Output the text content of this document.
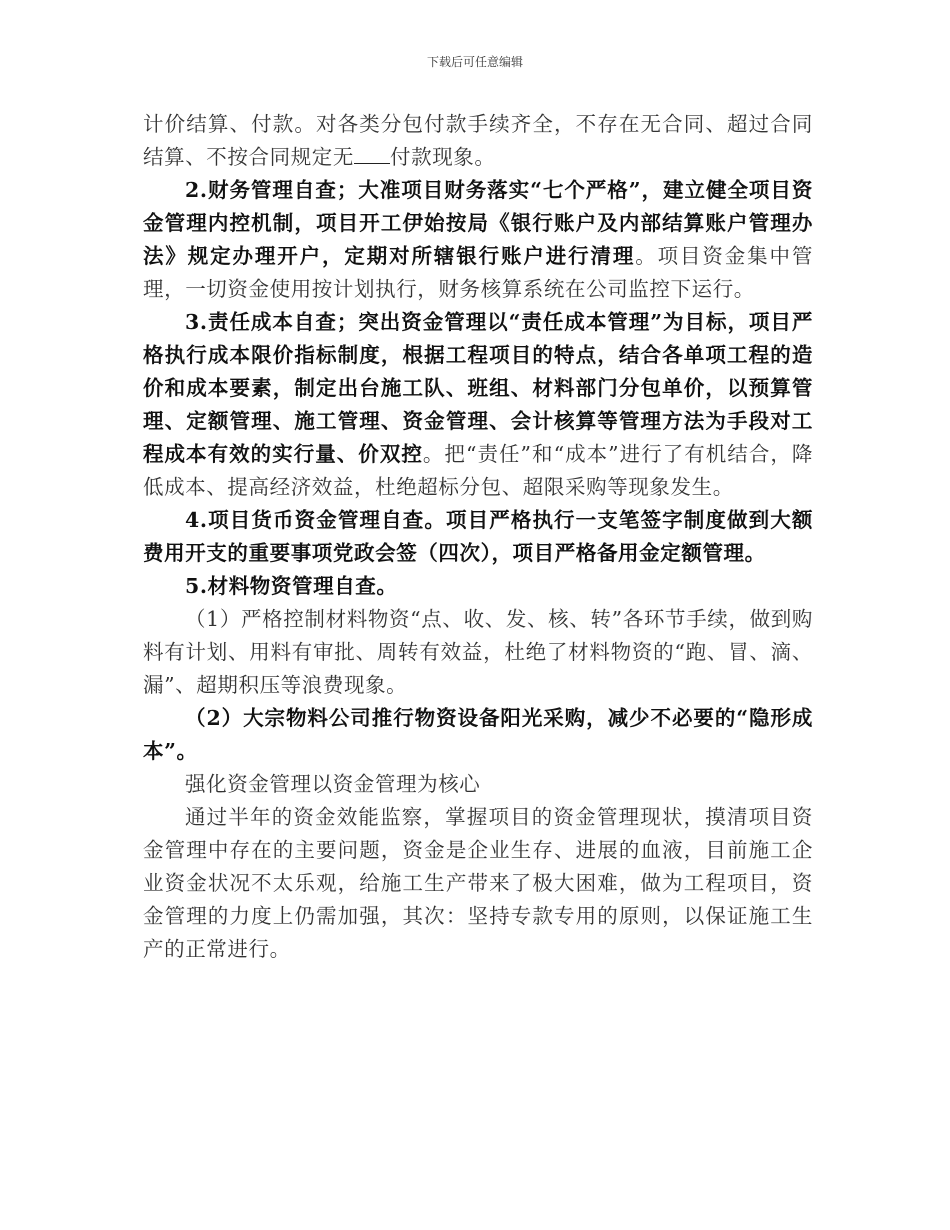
下载后可任意编辑

计价结算、付款。对各类分包付款手续齐全，不存在无合同、超过合同结算、不按合同规定无 付款现象。

2.财务管理自查；大准项目财务落实“七个严格”，建立健全项目资金管理内控机制，项目开工伊始按局《银行账户及内部结算账户管理办法》规定办理开户，定期对所辖银行账户进行清理。项目资金集中管理，一切资金使用按计划执行，财务核算系统在公司监控下运行。

3.责任成本自查；突出资金管理以“责任成本管理”为目标，项目严格执行成本限价指标制度，根据工程项目的特点，结合各单项工程的造价和成本要素，制定出台施工队、班组、材料部门分包单价，以预算管理、定额管理、施工管理、资金管理、会计核算等管理方法为手段对工程成本有效的实行量、价双控。把“责任”和“成本”进行了有机结合，降低成本、提高经济效益，杜绝超标分包、超限采购等现象发生。

4.项目货币资金管理自查。项目严格执行一支笔签字制度做到大额费用开支的重要事项党政会签（四次），项目严格备用金定额管理。

5.材料物资管理自查。

（1）严格控制材料物资“点、收、发、核、转”各环节手续，做到购料有计划、用料有审批、周转有效益，杜绝了材料物资的“跑、冒、滴、漏”、超期积压等浪费现象。

（2）大宗物料公司推行物资设备阳光采购，减少不必要的“隐形成本”。

强化资金管理以资金管理为核心

通过半年的资金效能监察，掌握项目的资金管理现状，摸清项目资金管理中存在的主要问题，资金是企业生存、进展的血液，目前施工企业资金状况不太乐观，给施工生产带来了极大困难，做为工程项目，资金管理的力度上仍需加强，其次：坚持专款专用的原则，以保证施工生产的正常进行。
